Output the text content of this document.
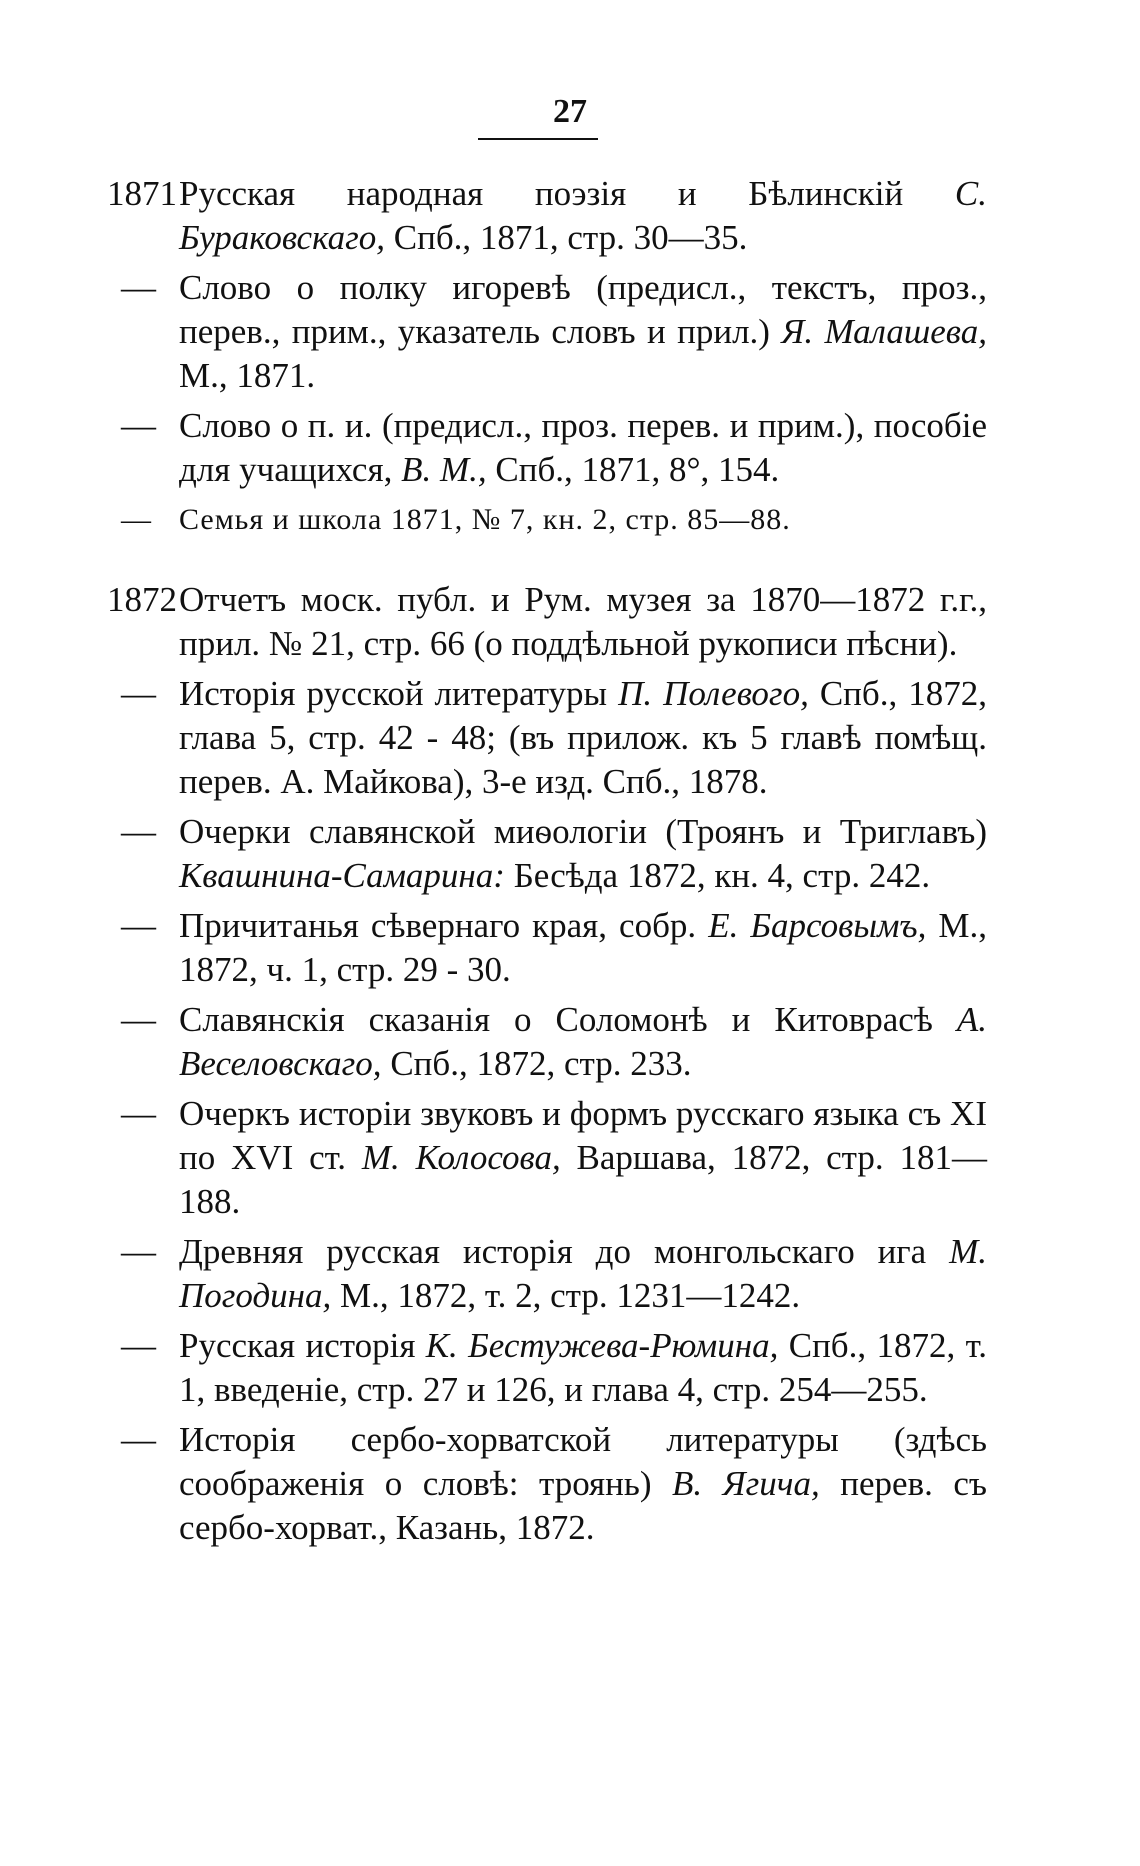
27
1871 Русская народная поэзія и Бѣлинскій С. Бураковскаго, Спб., 1871, стр. 30—35.
— Слово о полку игоревѣ (предисл., текстъ, проз., перев., прим., указатель словъ и прил.) Я. Малашева, М., 1871.
— Слово о п. и. (предисл., проз. перев. и прим.), пособіе для учащихся, В. М., Спб., 1871, 8°, 154.
— Семья и школа 1871, № 7, кн. 2, стр. 85—88.
1872 Отчетъ моск. публ. и Рум. музея за 1870—1872 г.г., прил. № 21, стр. 66 (о поддѣльной рукописи пѣсни).
— Исторія русской литературы П. Полевого, Спб., 1872, глава 5, стр. 42 - 48; (въ прилож. къ 5 главѣ помѣщ. перев. А. Майкова), 3-е изд. Спб., 1878.
— Очерки славянской миѳологіи (Троянъ и Триглавъ) Квашнина-Самарина: Бесѣда 1872, кн. 4, стр. 242.
— Причитанья сѣвернаго края, собр. Е. Барсовымъ, М., 1872, ч. 1, стр. 29 - 30.
— Славянскія сказанія о Соломонѣ и Китоврасѣ А. Веселовскаго, Спб., 1872, стр. 233.
— Очеркъ исторіи звуковъ и формъ русскаго языка съ XI по XVI ст. М. Колосова, Варшава, 1872, стр. 181—188.
— Древняя русская исторія до монгольскаго ига М. Погодина, М., 1872, т. 2, стр. 1231—1242.
— Русская исторія К. Бестужева-Рюмина, Спб., 1872, т. 1, введеніе, стр. 27 и 126, и глава 4, стр. 254—255.
— Исторія сербо-хорватской литературы (здѣсь соображенія о словѣ: троянь) В. Ягича, перев. съ сербо-хорват., Казань, 1872.
